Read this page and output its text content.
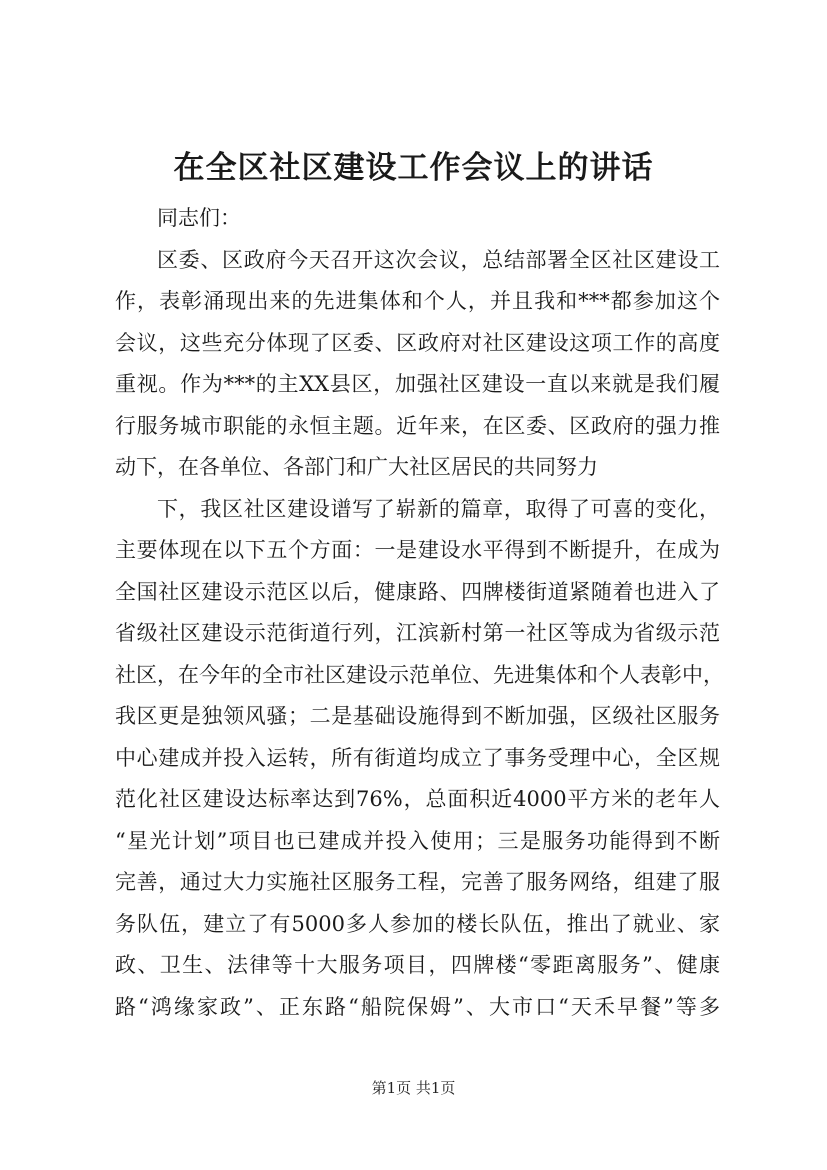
在全区社区建设工作会议上的讲话
同志们：
区委、区政府今天召开这次会议，总结部署全区社区建设工
作，表彰涌现出来的先进集体和个人，并且我和***都参加这个
会议，这些充分体现了区委、区政府对社区建设这项工作的高度
重视。作为***的主XX县区，加强社区建设一直以来就是我们履
行服务城市职能的永恒主题。近年来，在区委、区政府的强力推
动下，在各单位、各部门和广大社区居民的共同努力
下，我区社区建设谱写了崭新的篇章，取得了可喜的变化，
主要体现在以下五个方面：一是建设水平得到不断提升，在成为
全国社区建设示范区以后，健康路、四牌楼街道紧随着也进入了
省级社区建设示范街道行列，江滨新村第一社区等成为省级示范
社区，在今年的全市社区建设示范单位、先进集体和个人表彰中，
我区更是独领风骚；二是基础设施得到不断加强，区级社区服务
中心建成并投入运转，所有街道均成立了事务受理中心，全区规
范化社区建设达标率达到76%，总面积近4000平方米的老年人
“星光计划”项目也已建成并投入使用；三是服务功能得到不断
完善，通过大力实施社区服务工程，完善了服务网络，组建了服
务队伍，建立了有5000多人参加的楼长队伍，推出了就业、家
政、卫生、法律等十大服务项目，四牌楼“零距离服务”、健康
路“鸿缘家政”、正东路“船院保姆”、大市口“天禾早餐”等多
第1页 共1页
